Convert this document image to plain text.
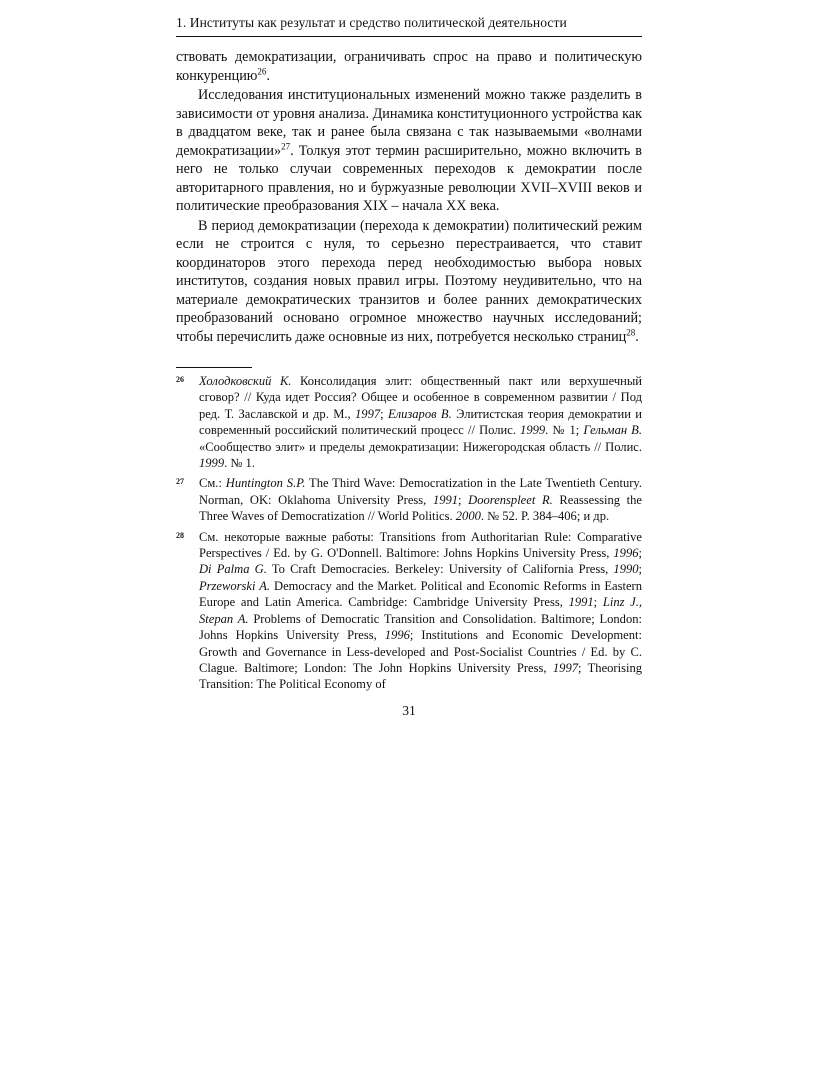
1. Институты как результат и средство политической деятельности

ствовать демократизации, ограничивать спрос на право и политическую конкуренцию$^{26}$.

Исследования институциональных изменений можно также разделить в зависимости от уровня анализа. Динамика конституционного устройства как в двадцатом веке, так и ранее была связана с так называемыми «волнами демократизации»$^{27}$. Толкуя этот термин расширительно, можно включить в него не только случаи современных переходов к демократии после авторитарного правления, но и буржуазные революции XVII–XVIII веков и политические преобразования XIX – начала XX века.

В период демократизации (перехода к демократии) политический режим если не строится с нуля, то серьезно перестраивается, что ставит координаторов этого перехода перед необходимостью выбора новых институтов, создания новых правил игры. Поэтому неудивительно, что на материале демократических транзитов и более ранних демократических преобразований основано огромное множество научных исследований; чтобы перечислить даже основные из них, потребуется несколько страниц$^{28}$.

26 Холодковский К. Консолидация элит: общественный пакт или верхушечный сговор? // Куда идет Россия? Общее и особенное в современном развитии / Под ред. Т. Заславской и др. М., 1997; Елизаров В. Элитистская теория демократии и современный российский политический процесс // Полис. 1999. № 1; Гельман В. «Сообщество элит» и пределы демократизации: Нижегородская область // Полис. 1999. № 1.
27 См.: Huntington S.P. The Third Wave: Democratization in the Late Twentieth Century. Norman, OK: Oklahoma University Press, 1991; Doorenspleet R. Reassessing the Three Waves of Democratization // World Politics. 2000. № 52. P. 384–406; и др.
28 См. некоторые важные работы: Transitions from Authoritarian Rule: Comparative Perspectives / Ed. by G. O'Donnell. Baltimore: Johns Hopkins University Press, 1996; Di Palma G. To Craft Democracies. Berkeley: University of California Press, 1990; Przeworski A. Democracy and the Market. Political and Economic Reforms in Eastern Europe and Latin America. Cambridge: Cambridge University Press, 1991; Linz J., Stepan A. Problems of Democratic Transition and Consolidation. Baltimore; London: Johns Hopkins University Press, 1996; Institutions and Economic Development: Growth and Governance in Less-developed and Post-Socialist Countries / Ed. by C. Clague. Baltimore; London: The John Hopkins University Press, 1997; Theorising Transition: The Political Economy of
31
